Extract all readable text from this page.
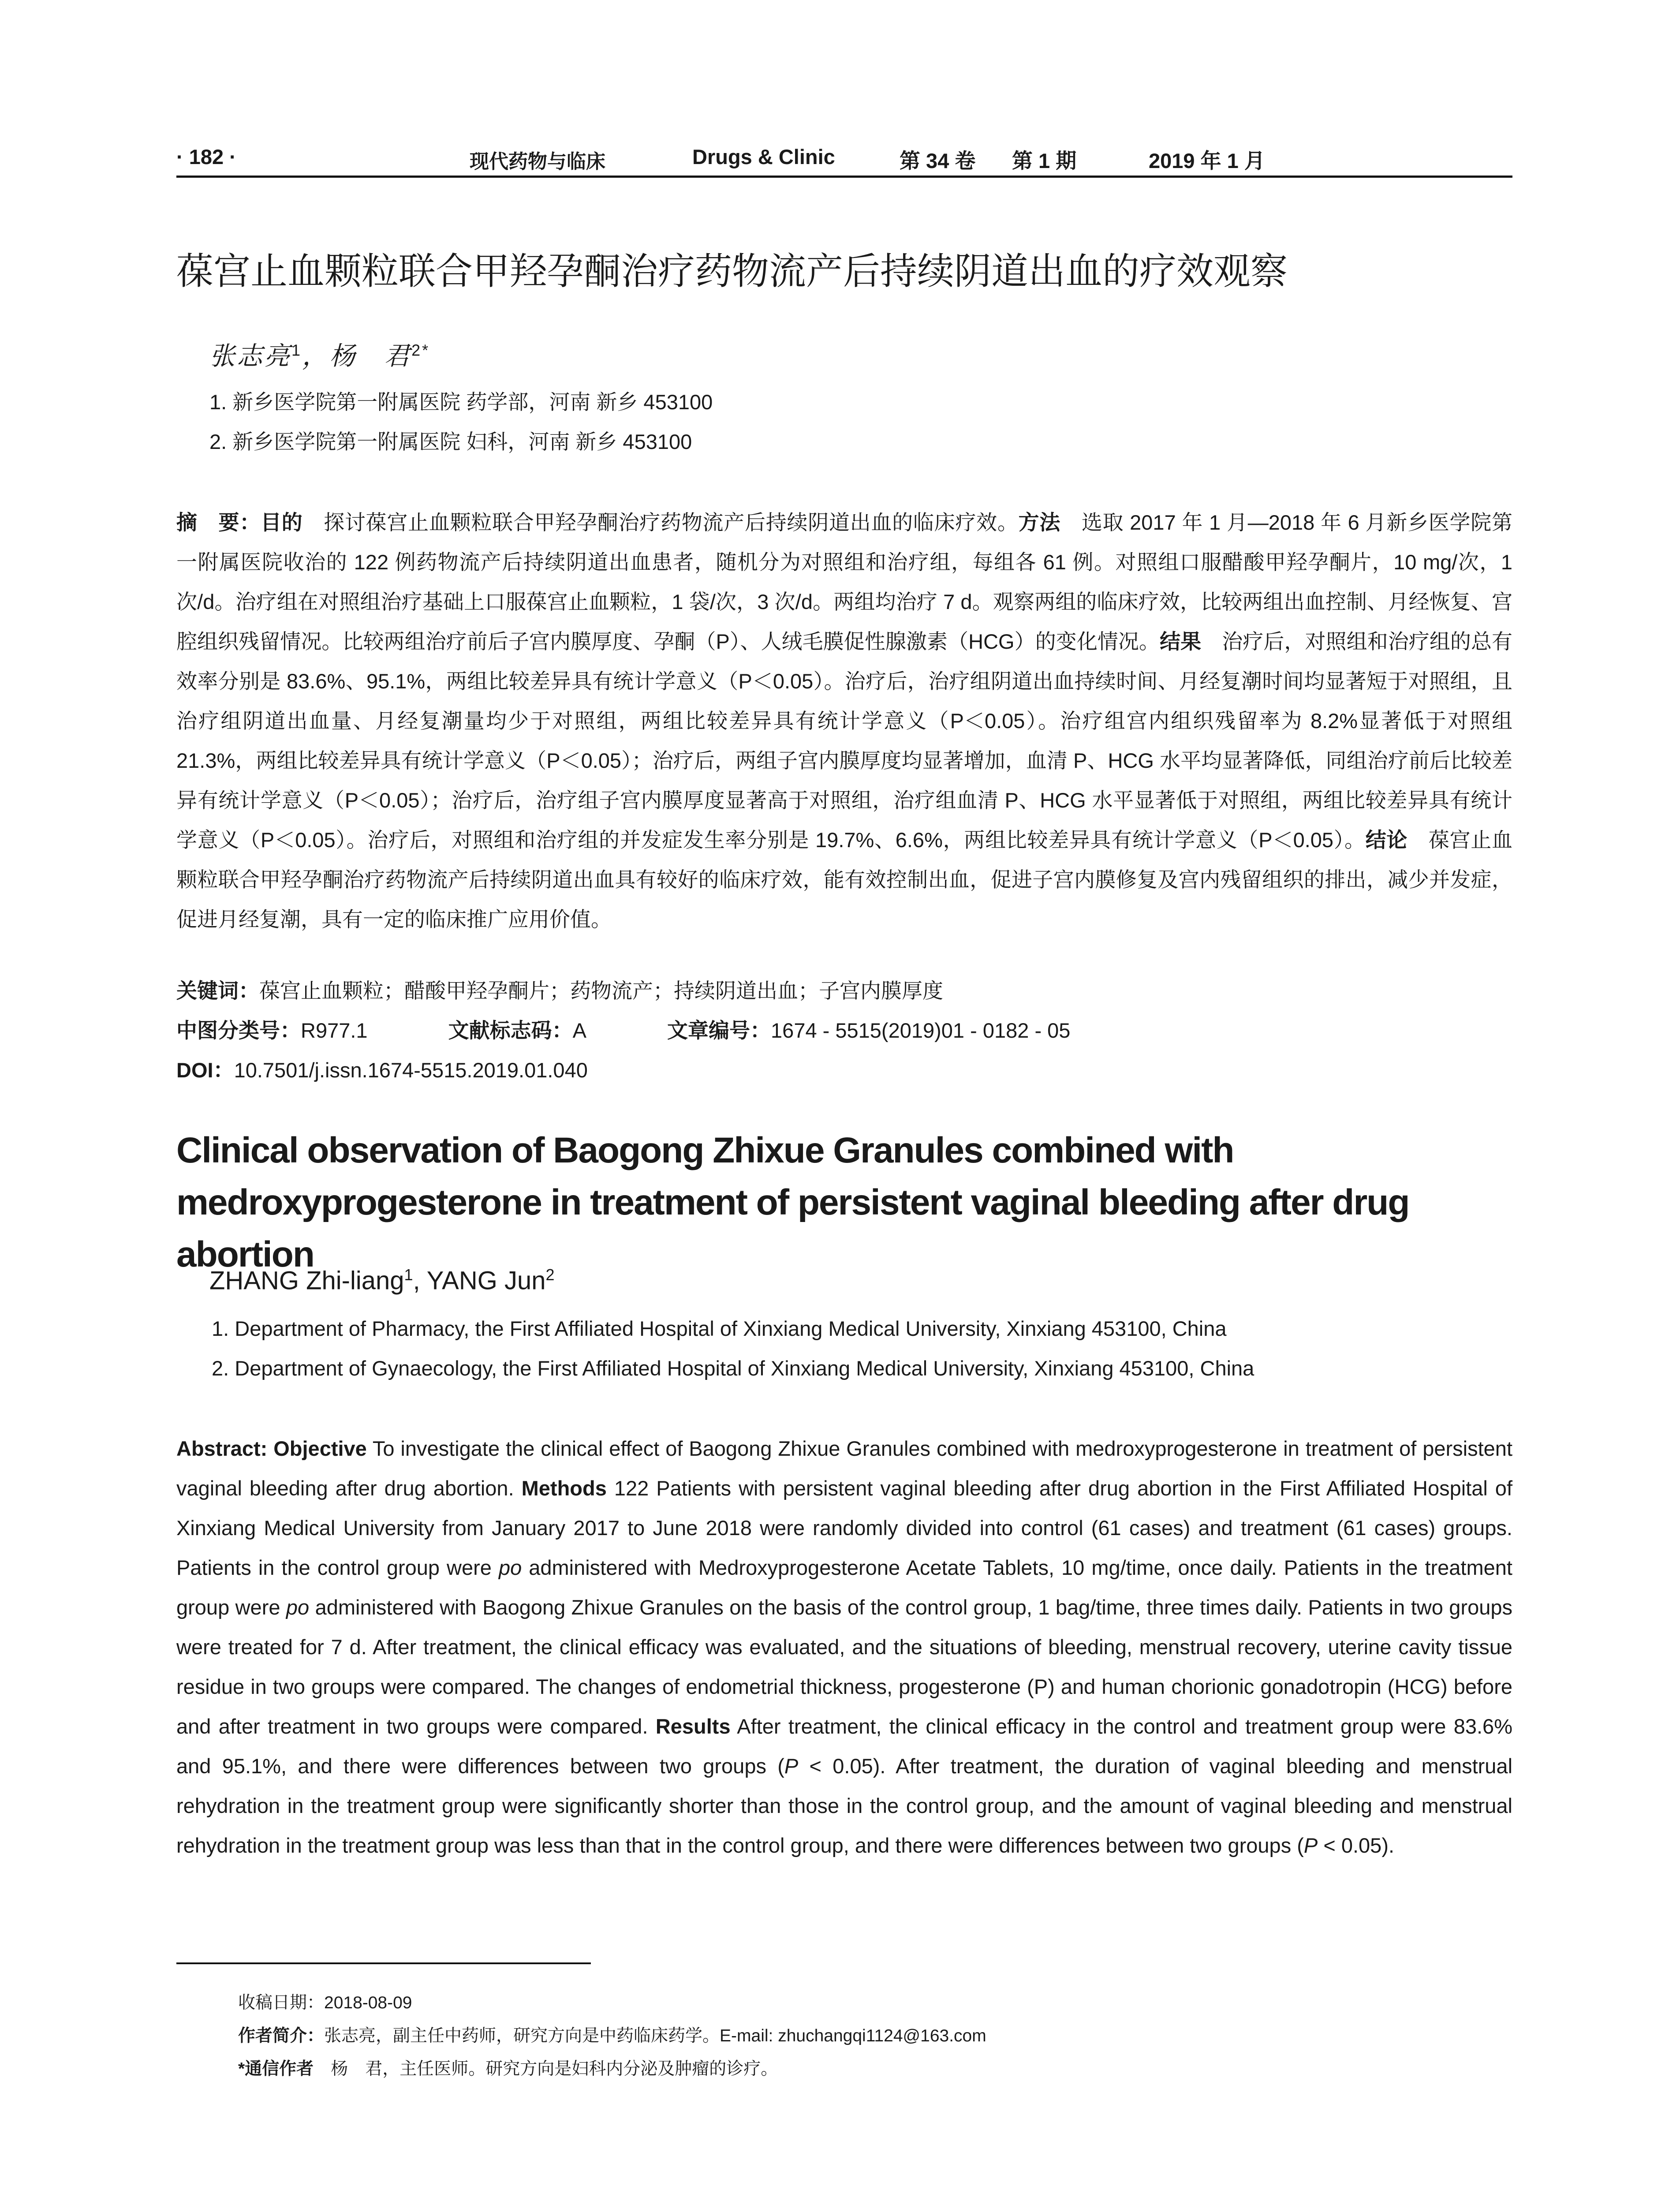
· 182 ·	现代药物与临床	Drugs & Clinic	第 34 卷 第 1 期	2019 年 1 月
葆宫止血颗粒联合甲羟孕酮治疗药物流产后持续阴道出血的疗效观察
张志亮$^1$，杨　君$^{2*}$
1. 新乡医学院第一附属医院 药学部，河南 新乡 453100
2. 新乡医学院第一附属医院 妇科，河南 新乡 453100
摘　要：目的　探讨葆宫止血颗粒联合甲羟孕酮治疗药物流产后持续阴道出血的临床疗效。方法　选取 2017 年 1 月—2018 年 6 月新乡医学院第一附属医院收治的 122 例药物流产后持续阴道出血患者，随机分为对照组和治疗组，每组各 61 例。对照组口服醋酸甲羟孕酮片，10 mg/次，1 次/d。治疗组在对照组治疗基础上口服葆宫止血颗粒，1 袋/次，3 次/d。两组均治疗 7 d。观察两组的临床疗效，比较两组出血控制、月经恢复、宫腔组织残留情况。比较两组治疗前后子宫内膜厚度、孕酮（P）、人绒毛膜促性腺激素（HCG）的变化情况。结果　治疗后，对照组和治疗组的总有效率分别是 83.6%、95.1%，两组比较差异具有统计学意义（P＜0.05）。治疗后，治疗组阴道出血持续时间、月经复潮时间均显著短于对照组，且治疗组阴道出血量、月经复潮量均少于对照组，两组比较差异具有统计学意义（P＜0.05）。治疗组宫内组织残留率为 8.2%显著低于对照组 21.3%，两组比较差异具有统计学意义（P＜0.05）；治疗后，两组子宫内膜厚度均显著增加，血清 P、HCG 水平均显著降低，同组治疗前后比较差异有统计学意义（P＜0.05）；治疗后，治疗组子宫内膜厚度显著高于对照组，治疗组血清 P、HCG 水平显著低于对照组，两组比较差异具有统计学意义（P＜0.05）。治疗后，对照组和治疗组的并发症发生率分别是 19.7%、6.6%，两组比较差异具有统计学意义（P＜0.05）。结论　葆宫止血颗粒联合甲羟孕酮治疗药物流产后持续阴道出血具有较好的临床疗效，能有效控制出血，促进子宫内膜修复及宫内残留组织的排出，减少并发症，促进月经复潮，具有一定的临床推广应用价值。
关键词：葆宫止血颗粒；醋酸甲羟孕酮片；药物流产；持续阴道出血；子宫内膜厚度
中图分类号：R977.1	文献标志码：A	文章编号：1674 - 5515(2019)01 - 0182 - 05
DOI：10.7501/j.issn.1674-5515.2019.01.040
Clinical observation of Baogong Zhixue Granules combined with medroxyprogesterone in treatment of persistent vaginal bleeding after drug abortion
ZHANG Zhi-liang$^1$, YANG Jun$^2$
1. Department of Pharmacy, the First Affiliated Hospital of Xinxiang Medical University, Xinxiang 453100, China
2. Department of Gynaecology, the First Affiliated Hospital of Xinxiang Medical University, Xinxiang 453100, China
Abstract: Objective To investigate the clinical effect of Baogong Zhixue Granules combined with medroxyprogesterone in treatment of persistent vaginal bleeding after drug abortion. Methods 122 Patients with persistent vaginal bleeding after drug abortion in the First Affiliated Hospital of Xinxiang Medical University from January 2017 to June 2018 were randomly divided into control (61 cases) and treatment (61 cases) groups. Patients in the control group were po administered with Medroxyprogesterone Acetate Tablets, 10 mg/time, once daily. Patients in the treatment group were po administered with Baogong Zhixue Granules on the basis of the control group, 1 bag/time, three times daily. Patients in two groups were treated for 7 d. After treatment, the clinical efficacy was evaluated, and the situations of bleeding, menstrual recovery, uterine cavity tissue residue in two groups were compared. The changes of endometrial thickness, progesterone (P) and human chorionic gonadotropin (HCG) before and after treatment in two groups were compared. Results After treatment, the clinical efficacy in the control and treatment group were 83.6% and 95.1%, and there were differences between two groups (P < 0.05). After treatment, the duration of vaginal bleeding and menstrual rehydration in the treatment group were significantly shorter than those in the control group, and the amount of vaginal bleeding and menstrual rehydration in the treatment group was less than that in the control group, and there were differences between two groups (P < 0.05).
收稿日期：2018-08-09
作者简介：张志亮，副主任中药师，研究方向是中药临床药学。E-mail: zhuchangqi1124@163.com
*通信作者　杨　君，主任医师。研究方向是妇科内分泌及肿瘤的诊疗。
